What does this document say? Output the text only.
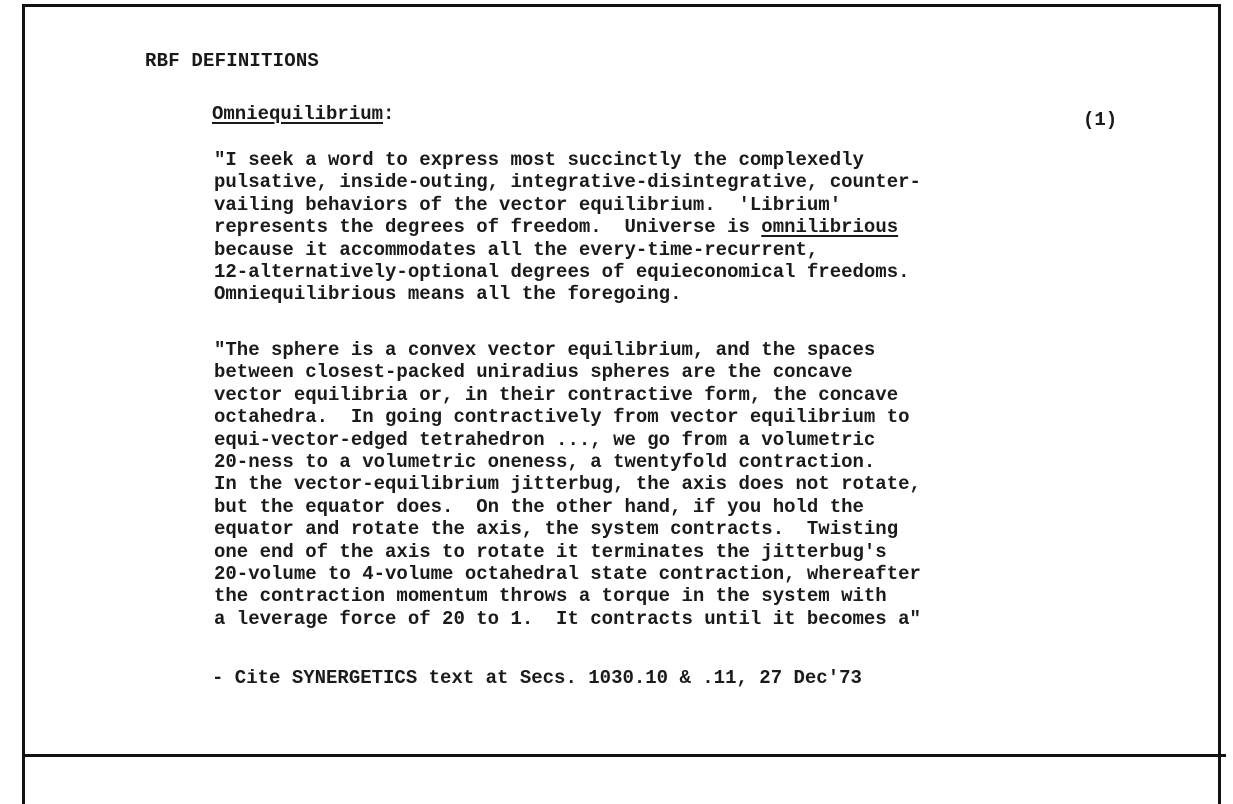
RBF DEFINITIONS
Omniequilibrium:	(1)
"I seek a word to express most succinctly the complexedly
pulsative, inside-outing, integrative-disintegrative, counter-
vailing behaviors of the vector equilibrium.  'Librium'
represents the degrees of freedom.  Universe is omnilibrious
because it accommodates all the every-time-recurrent,
12-alternatively-optional degrees of equieconomical freedoms.
Omniequilibrious means all the foregoing.
"The sphere is a convex vector equilibrium, and the spaces
between closest-packed uniradius spheres are the concave
vector equilibria or, in their contractive form, the concave
octahedra.  In going contractively from vector equilibrium to
equi-vector-edged tetrahedron ..., we go from a volumetric
20-ness to a volumetric oneness, a twentyfold contraction.
In the vector-equilibrium jitterbug, the axis does not rotate,
but the equator does.  On the other hand, if you hold the
equator and rotate the axis, the system contracts.  Twisting
one end of the axis to rotate it terminates the jitterbug's
20-volume to 4-volume octahedral state contraction, whereafter
the contraction momentum throws a torque in the system with
a leverage force of 20 to 1.  It contracts until it becomes a"
- Cite SYNERGETICS text at Secs. 1030.10 & .11, 27 Dec'73
